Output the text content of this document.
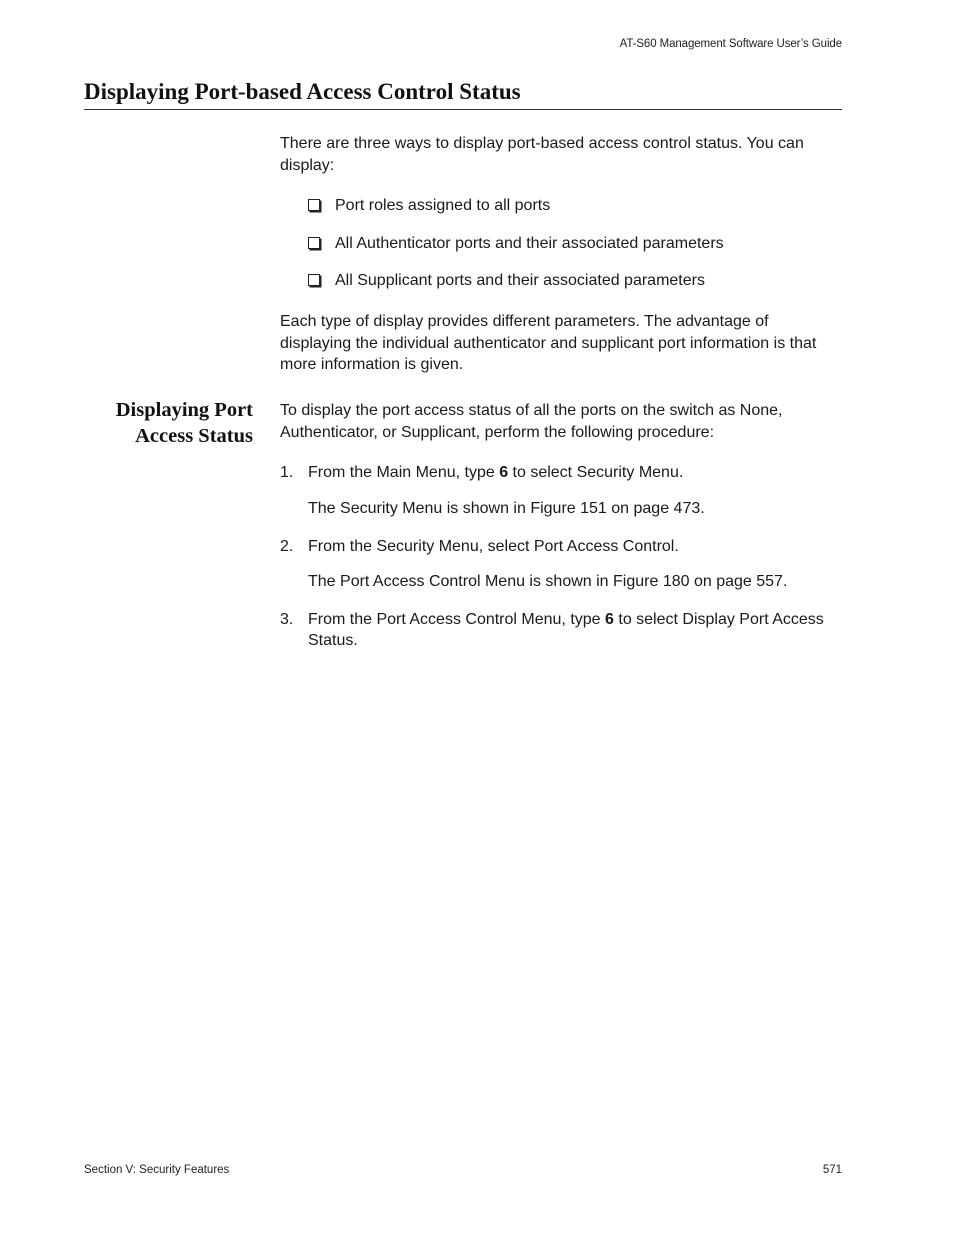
AT-S60 Management Software User’s Guide
Displaying Port-based Access Control Status

There are three ways to display port-based access control status. You can display:

Port roles assigned to all ports
All Authenticator ports and their associated parameters
All Supplicant ports and their associated parameters

Each type of display provides different parameters. The advantage of displaying the individual authenticator and supplicant port information is that more information is given.

Displaying Port
Access Status

To display the port access status of all the ports on the switch as None, Authenticator, or Supplicant, perform the following procedure:

1. From the Main Menu, type 6 to select Security Menu.
The Security Menu is shown in Figure 151 on page 473.
2. From the Security Menu, select Port Access Control.
The Port Access Control Menu is shown in Figure 180 on page 557.
3. From the Port Access Control Menu, type 6 to select Display Port Access Status.
Section V: Security Features	571
